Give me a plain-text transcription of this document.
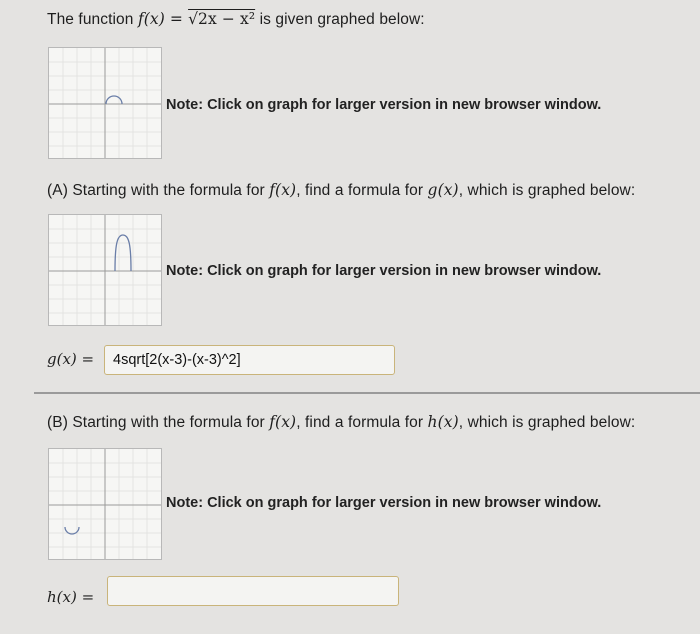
The function f(x) = √2x − x² is given graphed below:
Note: Click on graph for larger version in new browser window.
(A) Starting with the formula for f(x), find a formula for g(x), which is graphed below:
Note: Click on graph for larger version in new browser window.
g(x) =	4sqrt[2(x-3)-(x-3)^2]
(B) Starting with the formula for f(x), find a formula for h(x), which is graphed below:
Note: Click on graph for larger version in new browser window.
h(x) =
